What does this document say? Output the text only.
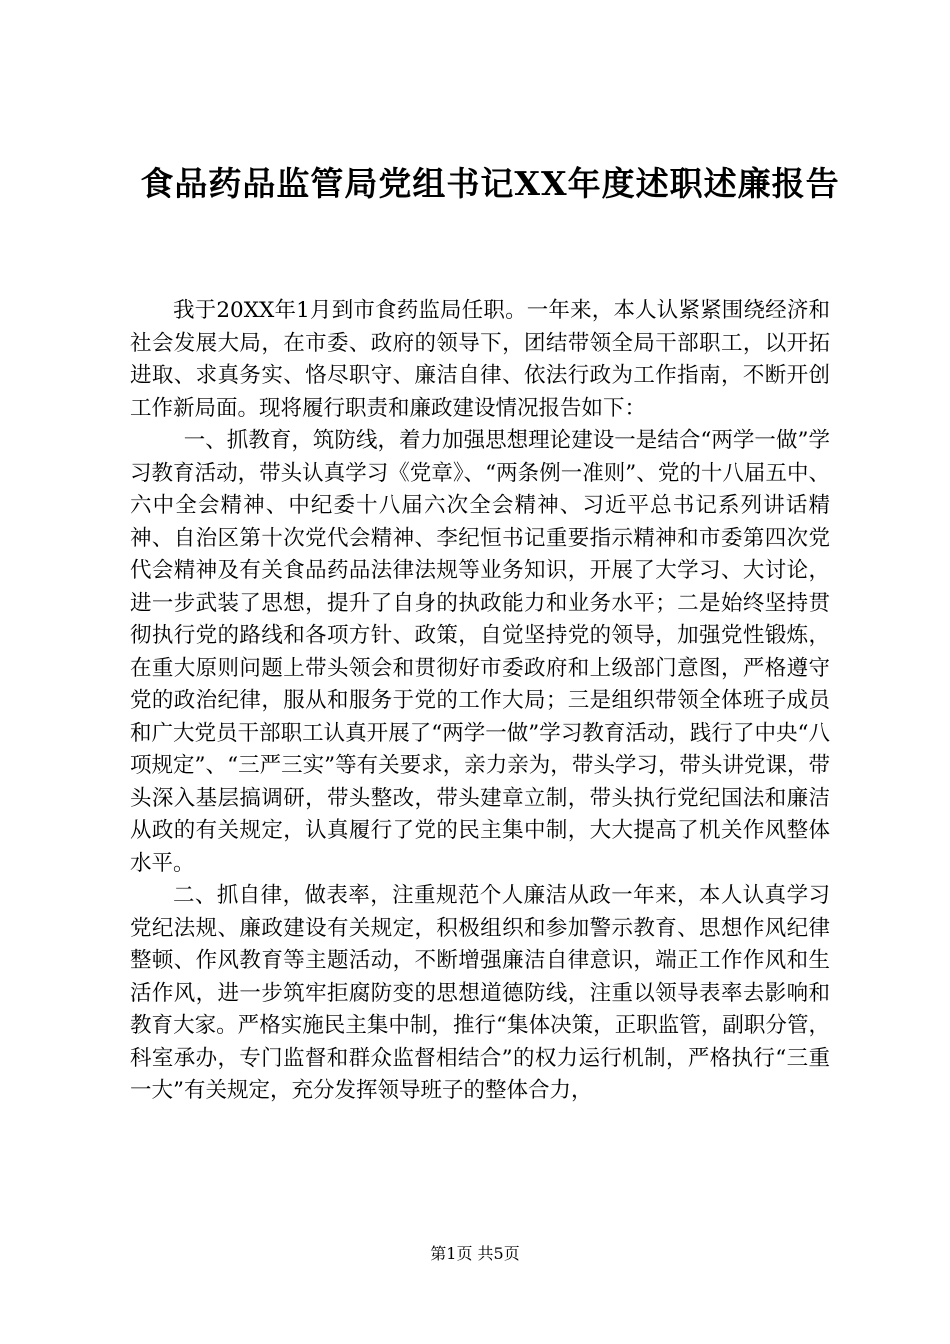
食品药品监管局党组书记XX年度述职述廉报告

我于20XX年1月到市食药监局任职。一年来，本人认紧紧围绕经济和社会发展大局，在市委、政府的领导下，团结带领全局干部职工，以开拓进取、求真务实、恪尽职守、廉洁自律、依法行政为工作指南，不断开创工作新局面。现将履行职责和廉政建设情况报告如下：

一、抓教育，筑防线，着力加强思想理论建设一是结合“两学一做”学习教育活动，带头认真学习《党章》、“两条例一准则”、党的十八届五中、六中全会精神、中纪委十八届六次全会精神、习近平总书记系列讲话精神、自治区第十次党代会精神、李纪恒书记重要指示精神和市委第四次党代会精神及有关食品药品法律法规等业务知识，开展了大学习、大讨论，进一步武装了思想，提升了自身的执政能力和业务水平；二是始终坚持贯彻执行党的路线和各项方针、政策，自觉坚持党的领导，加强党性锻炼，在重大原则问题上带头领会和贯彻好市委政府和上级部门意图，严格遵守党的政治纪律，服从和服务于党的工作大局；三是组织带领全体班子成员和广大党员干部职工认真开展了“两学一做”学习教育活动，践行了中央“八项规定”、“三严三实”等有关要求，亲力亲为，带头学习，带头讲党课，带头深入基层搞调研，带头整改，带头建章立制，带头执行党纪国法和廉洁从政的有关规定，认真履行了党的民主集中制，大大提高了机关作风整体水平。

二、抓自律，做表率，注重规范个人廉洁从政一年来，本人认真学习党纪法规、廉政建设有关规定，积极组织和参加警示教育、思想作风纪律整顿、作风教育等主题活动，不断增强廉洁自律意识，端正工作作风和生活作风，进一步筑牢拒腐防变的思想道德防线，注重以领导表率去影响和教育大家。严格实施民主集中制，推行“集体决策，正职监管，副职分管，科室承办，专门监督和群众监督相结合”的权力运行机制，严格执行“三重一大”有关规定，充分发挥领导班子的整体合力，

第1页 共5页
